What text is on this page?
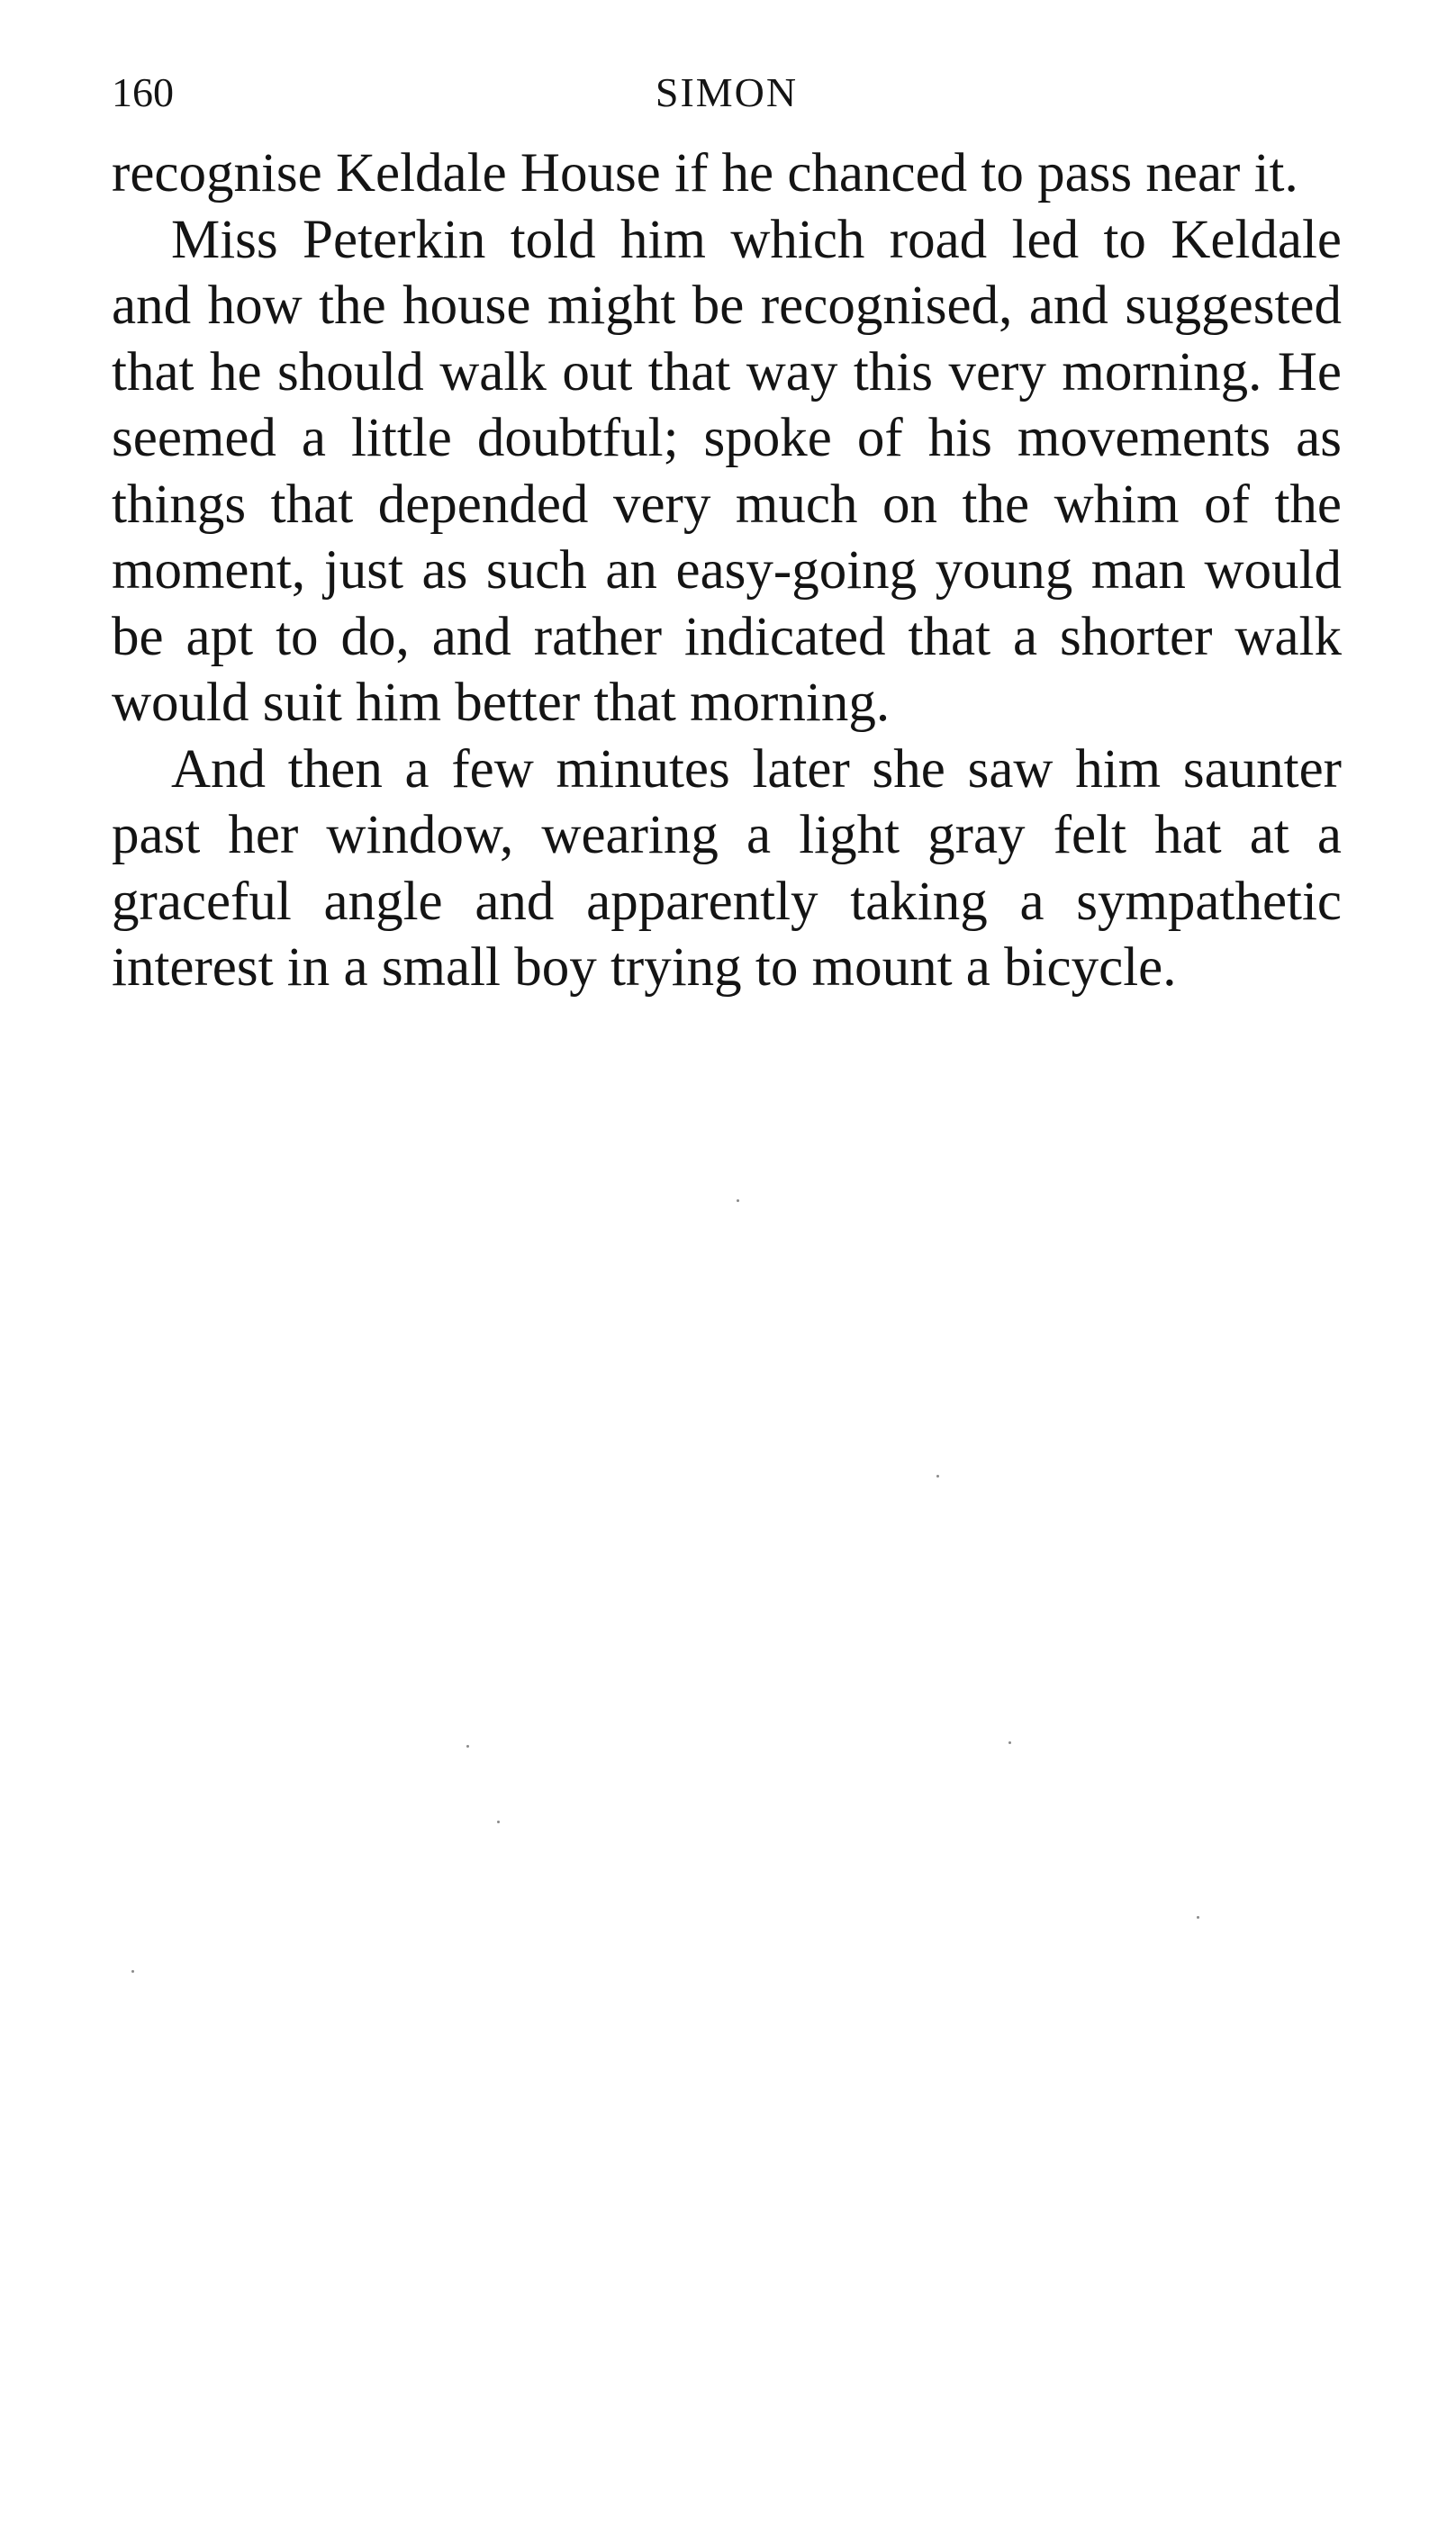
160	SIMON

recognise Keldale House if he chanced to pass near it.

Miss Peterkin told him which road led to Keldale and how the house might be recognised, and suggested that he should walk out that way this very morning. He seemed a little doubtful; spoke of his movements as things that depended very much on the whim of the moment, just as such an easy-going young man would be apt to do, and rather indicated that a shorter walk would suit him better that morning.

And then a few minutes later she saw him saunter past her window, wearing a light gray felt hat at a graceful angle and apparently taking a sympathetic interest in a small boy trying to mount a bicycle.
